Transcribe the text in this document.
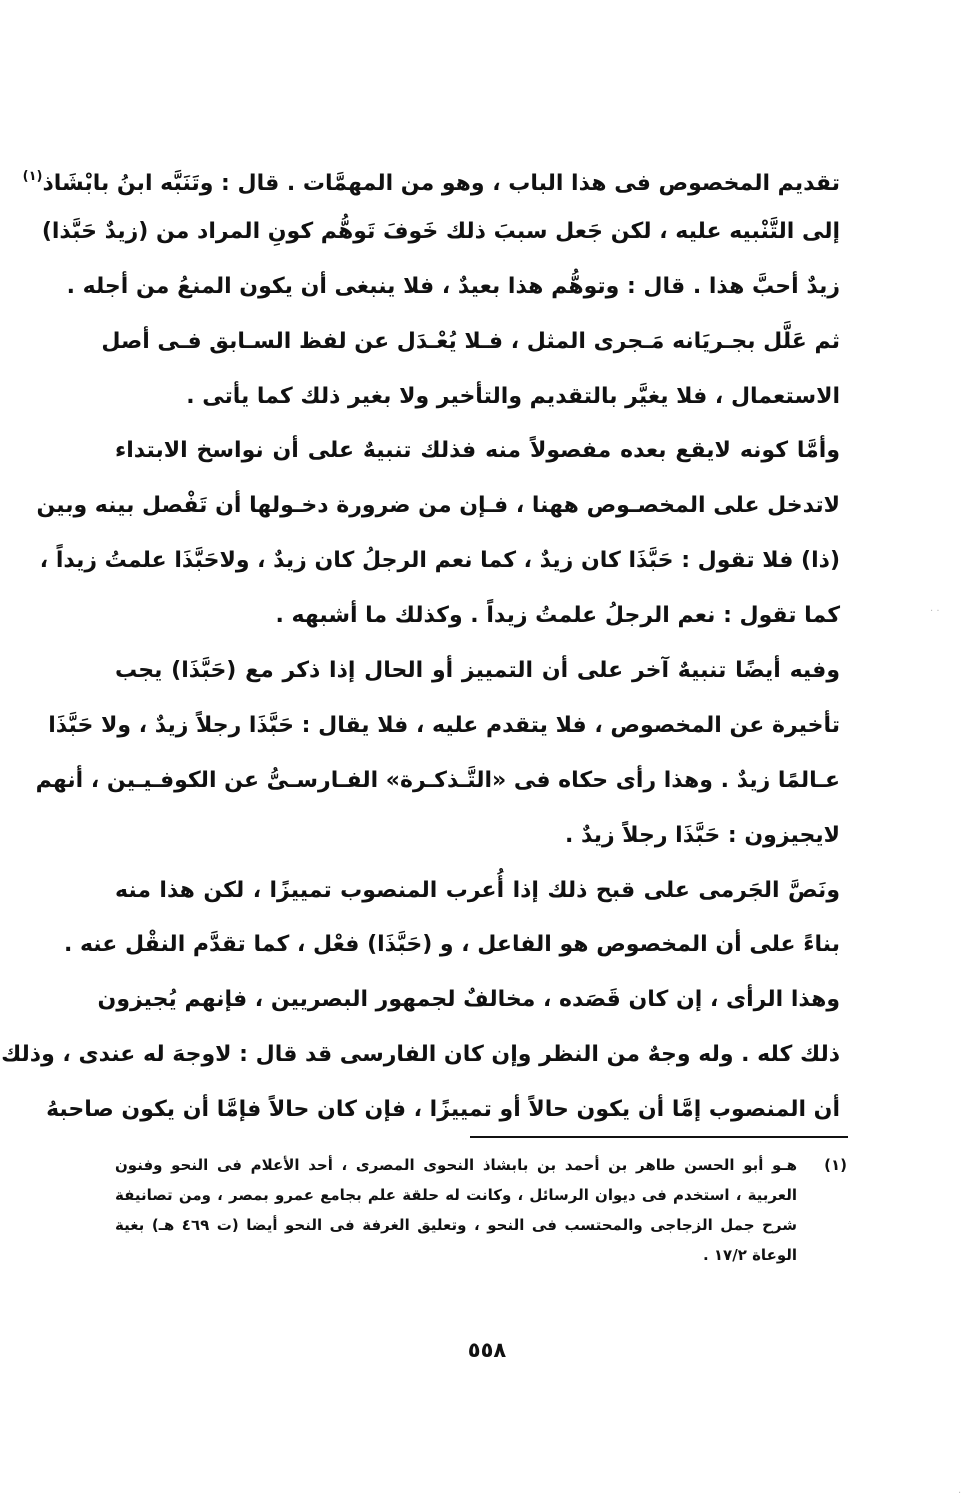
تقديم المخصوص فى هذا الباب ، وهو من المهمَّات . قال : وتَنَبَّه ابنُ بابْشَاذ$^{(١)}$
إلى التَّنْبيه عليه ، لكن جَعل سببَ ذلك خَوفَ تَوهُّم كونِ المراد من (زيدٌ حَبَّذا)
زيدٌ أحبَّ هذا . قال : وتوهُّم هذا بعيدٌ ، فلا ينبغى أن يكون المنعُ من أجله .
ثم عَلَّل بجـريَانه مَـجرى المثل ، فـلا يُعْـدَل عن لفظ السـابق فـى أصل
الاستعمال ، فلا يغيَّر بالتقديم والتأخير ولا بغير ذلك كما يأتى .
وأمَّا كونه لايقع بعده مفصولاً منه فذلك تنبيهٌ على أن نواسخ الابتداء
لاتدخل على المخصـوص ههنا ، فـإن من ضرورة دخـولها أن تَفْصل بينه وبين
(ذا) فلا تقول : حَبَّذَا كان زيدٌ ، كما نعم الرجلُ كان زيدٌ ، ولاحَبَّذَا علمتُ زيداً ،
كما تقول : نعم الرجلُ علمتُ زيداً . وكذلك ما أشبهه .
وفيه أيضًا تنبيهٌ آخر على أن التمييز أو الحال إذا ذكر مع (حَبَّذَا) يجب
تأخيرة عن المخصوص ، فلا يتقدم عليه ، فلا يقال : حَبَّذَا رجلاً زيدٌ ، ولا حَبَّذَا
عـالمًا زيدٌ . وهذا رأى حكاه فى «التَّـذكـرة» الفـارسـىُّ عن الكوفـيـين ، أنهم
لايجيزون : حَبَّذَا رجلاً زيدٌ .
ونَصَّ الجَرمى على قبح ذلك إذا أُعرب المنصوب تمييزًا ، لكن هذا منه
بناءً على أن المخصوص هو الفاعل ، و (حَبَّذَا) فعْل ، كما تقدَّم النقْل عنه .
وهذا الرأى ، إن كان قَصَده ، مخالفٌ لجمهور البصريين ، فإنهم يُجيزون
ذلك كله . وله وجهٌ من النظر وإن كان الفارسى قد قال : لاوجهَ له عندى ، وذلك
أن المنصوب إمَّا أن يكون حالاً أو تمييزًا ، فإن كان حالاً فإمَّا أن يكون صاحبهُ
(١)
هـو أبو الحسن طاهر بن أحمد بن بابشاذ النحوى المصرى ، أحد الأعلام فى النحو وفنون
العربية ، استخدم فى ديوان الرسائل ، وكانت له حلقة علم بجامع عمرو بمصر ، ومن تصانيفة
شرح جمل الزجاجى والمحتسب فى النحو ، وتعليق الغرفة فى النحو أيضا (ت ٤٦٩ هـ) بغية
الوعاة ١٧/٢ .
٥٥٨
· ·
·
